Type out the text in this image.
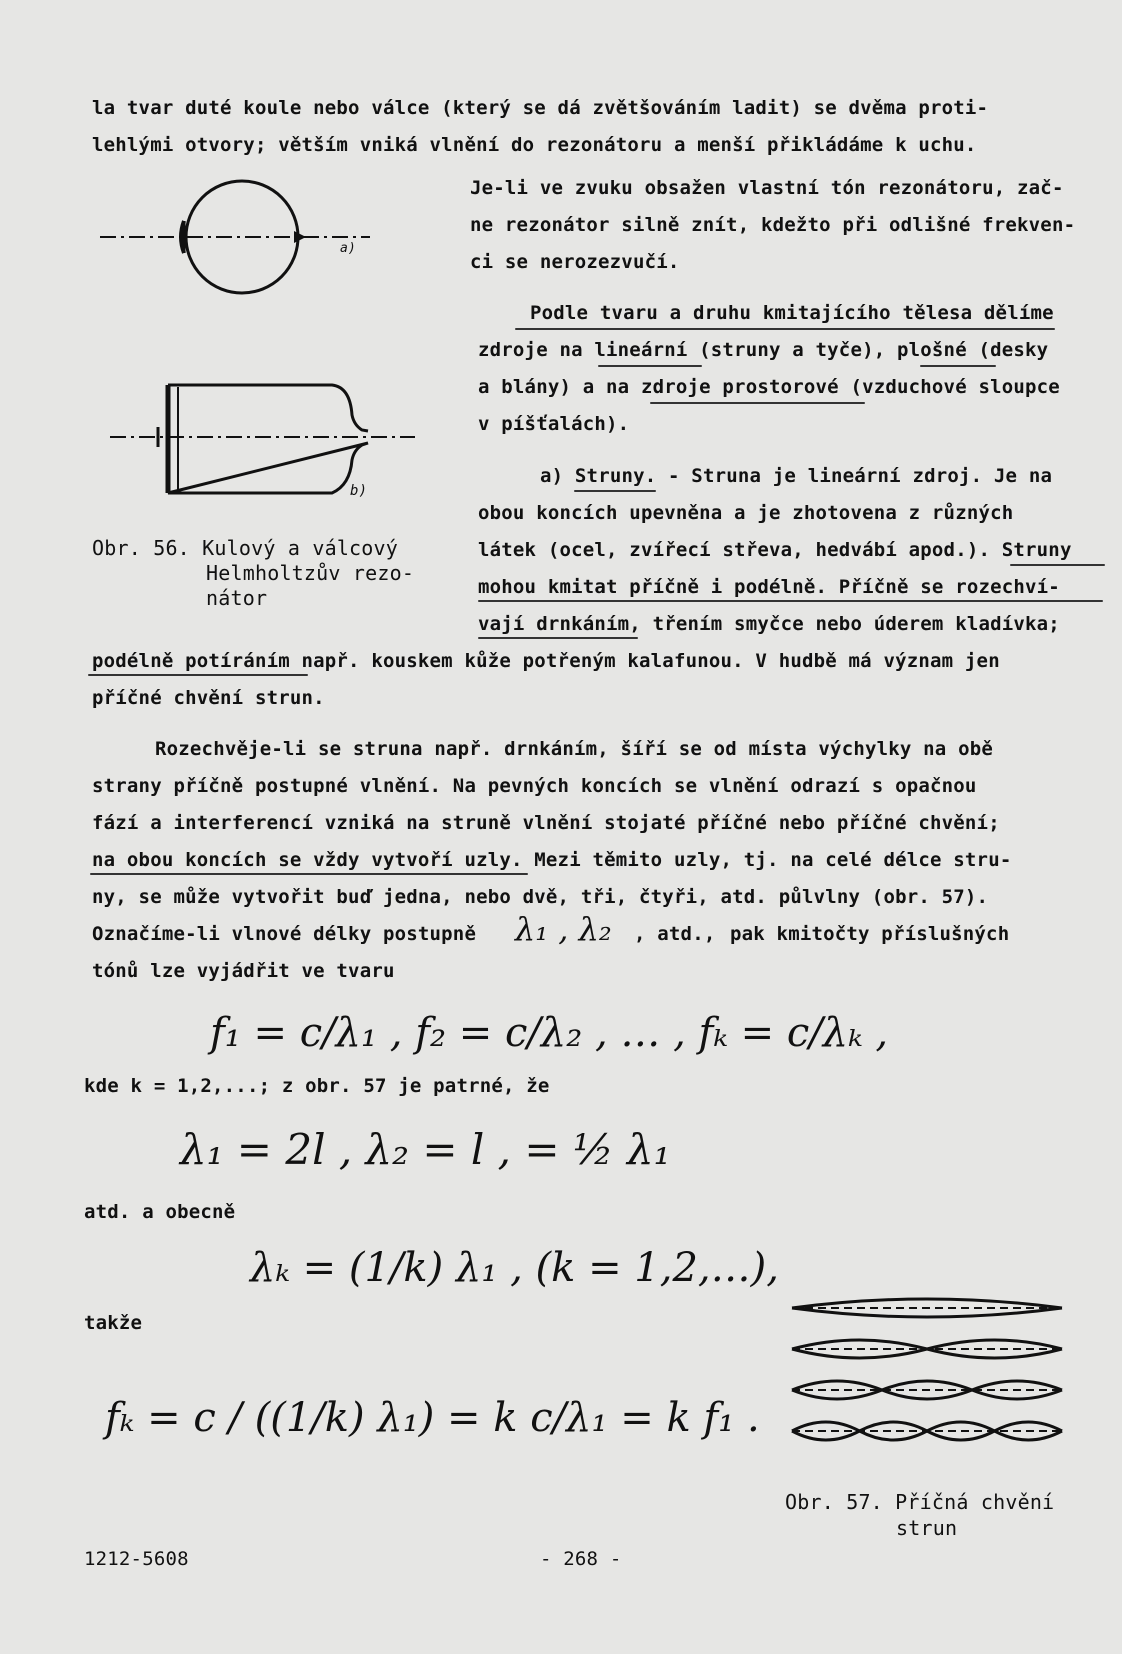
la tvar duté koule nebo válce (který se dá zvětšováním ladit) se dvěma proti-
lehlými otvory; větším vniká vlnění do rezonátoru a menší přikládáme k uchu.
a)
b)
Je-li ve zvuku obsažen vlastní tón rezonátoru, zač-
ne rezonátor silně znít, kdežto při odlišné frekven-
ci se nerozezvučí.
Podle tvaru a druhu kmitajícího tělesa dělíme
zdroje na lineární (struny a tyče), plošné (desky
a blány) a na zdroje prostorové (vzduchové sloupce
v píšťalách).
a) Struny. - Struna je lineární zdroj. Je na
obou koncích upevněna a je zhotovena z různých
látek (ocel, zvířecí střeva, hedvábí apod.). Struny
mohou kmitat příčně i podélně. Příčně se rozechví-
vají drnkáním, třením smyčce nebo úderem kladívka;
Obr. 56. Kulový a válcový
Helmholtzův rezo-
nátor
podélně potíráním např. kouskem kůže potřeným kalafunou. V hudbě má význam jen
příčné chvění strun.
Rozechvěje-li se struna např. drnkáním, šíří se od místa výchylky na obě
strany příčně postupné vlnění. Na pevných koncích se vlnění odrazí s opačnou
fází a interferencí vzniká na struně vlnění stojaté příčné nebo příčné chvění;
na obou koncích se vždy vytvoří uzly. Mezi těmito uzly, tj. na celé délce stru-
ny, se může vytvořit buď jedna, nebo dvě, tři, čtyři, atd. půlvlny (obr. 57).
Označíme-li vlnové délky postupně λ₁ , λ₂ , atd., pak kmitočty příslušných
tónů lze vyjádřit ve tvaru
f₁ = c/λ₁ , f₂ = c/λ₂ , … , fₖ = c/λₖ ,
kde k = 1,2,...; z obr. 57 je patrné, že
λ₁ = 2l , λ₂ = l , = ½ λ₁
atd. a obecně
λₖ = (1/k) λ₁ , (k = 1,2,…),
takže
fₖ = c / ((1/k) λ₁) = k c/λ₁ = k f₁ .
Obr. 57. Příčná chvění
strun
1212-5608	- 268 -
